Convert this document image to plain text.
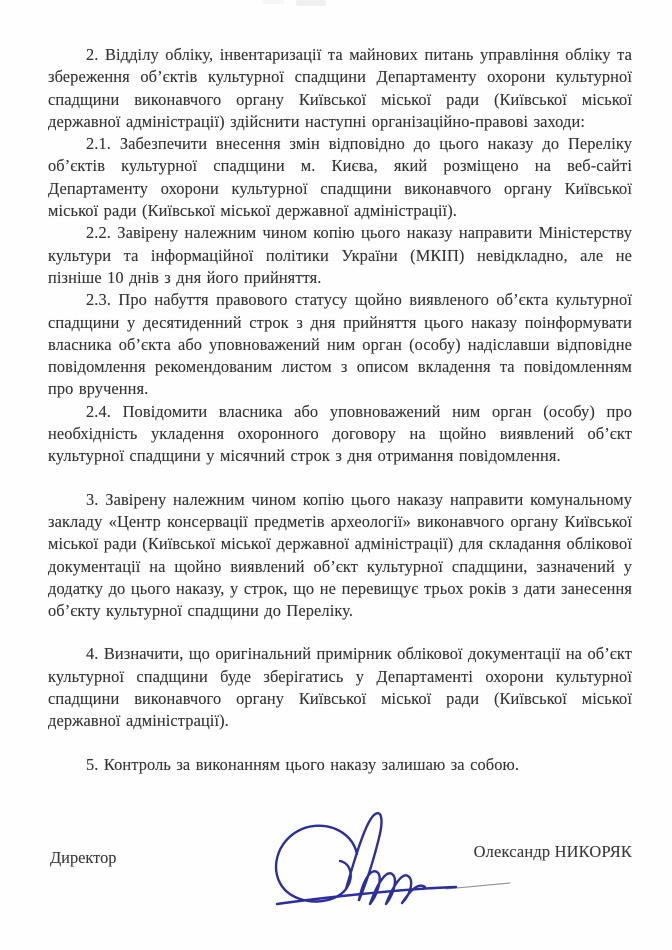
2. Відділу обліку, інвентаризації та майнових питань управління обліку та збереження об’єктів культурної спадщини Департаменту охорони культурної спадщини виконавчого органу Київської міської ради (Київської міської державної адміністрації) здійснити наступні організаційно-правові заходи:

2.1. Забезпечити внесення змін відповідно до цього наказу до Переліку об’єктів культурної спадщини м. Києва, який розміщено на веб-сайті Департаменту охорони культурної спадщини виконавчого органу Київської міської ради (Київської міської державної адміністрації).

2.2. Завірену належним чином копію цього наказу направити Міністерству культури та інформаційної політики України (МКІП) невідкладно, але не пізніше 10 днів з дня його прийняття.

2.3. Про набуття правового статусу щойно виявленого об’єкта культурної спадщини у десятиденний строк з дня прийняття цього наказу поінформувати власника об’єкта або уповноважений ним орган (особу) надіславши відповідне повідомлення рекомендованим листом з описом вкладення та повідомленням про вручення.

2.4. Повідомити власника або уповноважений ним орган (особу) про необхідність укладення охоронного договору на щойно виявлений об’єкт культурної спадщини у місячний строк з дня отримання повідомлення.

3. Завірену належним чином копію цього наказу направити комунальному закладу «Центр консервації предметів археології» виконавчого органу Київської міської ради (Київської міської державної адміністрації) для складання облікової документації на щойно виявлений об’єкт культурної спадщини, зазначений у додатку до цього наказу, у строк, що не перевищує трьох років з дати занесення об’єкту культурної спадщини до Переліку.

4. Визначити, що оригінальний примірник облікової документації на об’єкт культурної спадщини буде зберігатись у Департаменті охорони культурної спадщини виконавчого органу Київської міської ради (Київської міської державної адміністрації).

5. Контроль за виконанням цього наказу залишаю за собою.

Директор	Олександр НИКОРЯК
